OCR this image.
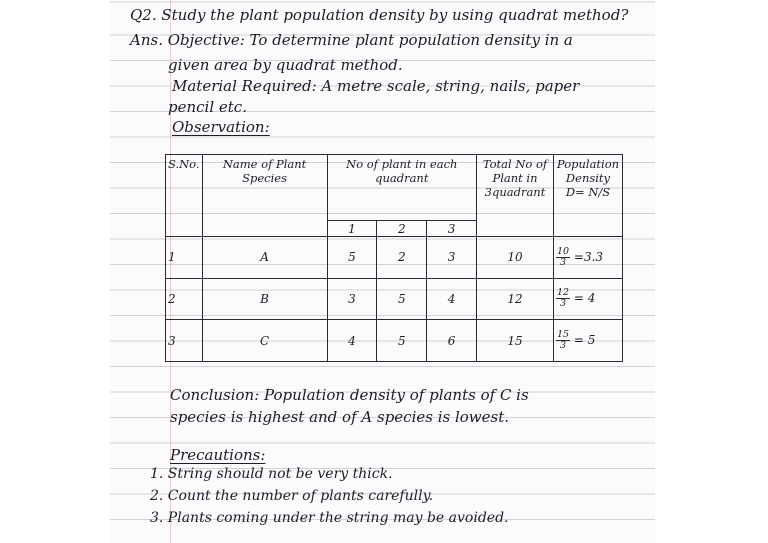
Q2. Study the plant population density by using quadrat method?
Ans. Objective: To determine plant population density in a
given area by quadrat method.
Material Required: A metre scale, string, nails, paper
pencil etc.
Observation:
S.No.	Name of Plant Species	No of plant in each quadrant			Total No of Plant in 3quadrant	Population Density D= N/S
		1	2	3		
1	A	5	2	3	10	$\frac{10}{3} =3.3$
2	B	3	5	4	12	$\frac{12}{3} = 4$
3	C	4	5	6	15	$\frac{15}{3} = 5$
Conclusion: Population density of plants of C is
species is highest and of A species is lowest.
Precautions:
1. String should not be very thick.
2. Count the number of plants carefully.
3. Plants coming under the string may be avoided.
